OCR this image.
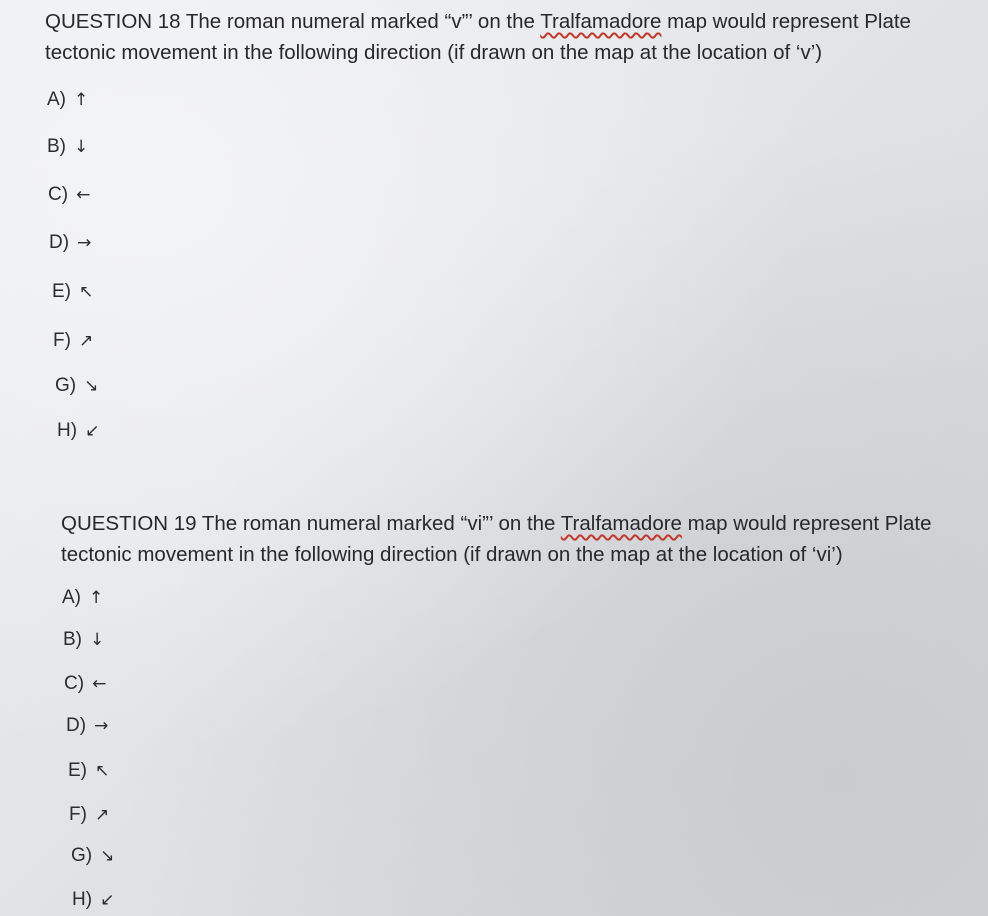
QUESTION 18 The roman numeral marked “v”’ on the Tralfamadore map would represent Plate tectonic movement in the following direction (if drawn on the map at the location of ‘v’)

A) ↑
B) ↓
C) ←
D) →
E) ↖
F) ↗
G) ↘
H) ↙

QUESTION 19 The roman numeral marked “vi”’ on the Tralfamadore map would represent Plate tectonic movement in the following direction (if drawn on the map at the location of ‘vi’)

A) ↑
B) ↓
C) ←
D) →
E) ↖
F) ↗
G) ↘
H) ↙
